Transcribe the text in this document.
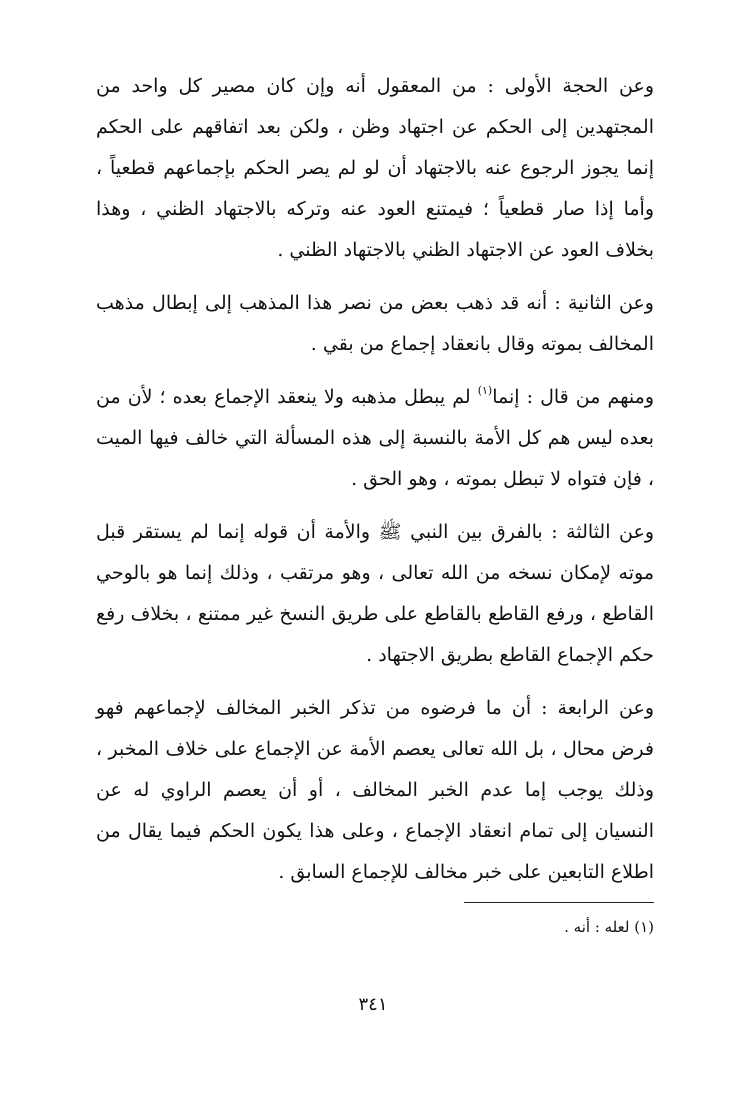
وعن الحجة الأولى : من المعقول أنه وإن كان مصير كل واحد من المجتهدين إلى الحكم عن اجتهاد وظن ، ولكن بعد اتفاقهم على الحكم إنما يجوز الرجوع عنه بالاجتهاد أن لو لم يصر الحكم بإجماعهم قطعياً ، وأما إذا صار قطعياً ؛ فيمتنع العود عنه وتركه بالاجتهاد الظني ، وهذا بخلاف العود عن الاجتهاد الظني بالاجتهاد الظني .

وعن الثانية : أنه قد ذهب بعض من نصر هذا المذهب إلى إبطال مذهب المخالف بموته وقال بانعقاد إجماع من بقي .

ومنهم من قال : إنما$^{(١)}$ لم يبطل مذهبه ولا ينعقد الإجماع بعده ؛ لأن من بعده ليس هم كل الأمة بالنسبة إلى هذه المسألة التي خالف فيها الميت ، فإن فتواه لا تبطل بموته ، وهو الحق .

وعن الثالثة : بالفرق بين النبي ﷺ والأمة أن قوله إنما لم يستقر قبل موته لإمكان نسخه من الله تعالى ، وهو مرتقب ، وذلك إنما هو بالوحي القاطع ، ورفع القاطع بالقاطع على طريق النسخ غير ممتنع ، بخلاف رفع حكم الإجماع القاطع بطريق الاجتهاد .

وعن الرابعة : أن ما فرضوه من تذكر الخبر المخالف لإجماعهم فهو فرض محال ، بل الله تعالى يعصم الأمة عن الإجماع على خلاف المخبر ، وذلك يوجب إما عدم الخبر المخالف ، أو أن يعصم الراوي له عن النسيان إلى تمام انعقاد الإجماع ، وعلى هذا يكون الحكم فيما يقال من اطلاع التابعين على خبر مخالف للإجماع السابق .

(١) لعله : أنه .
٣٤١
